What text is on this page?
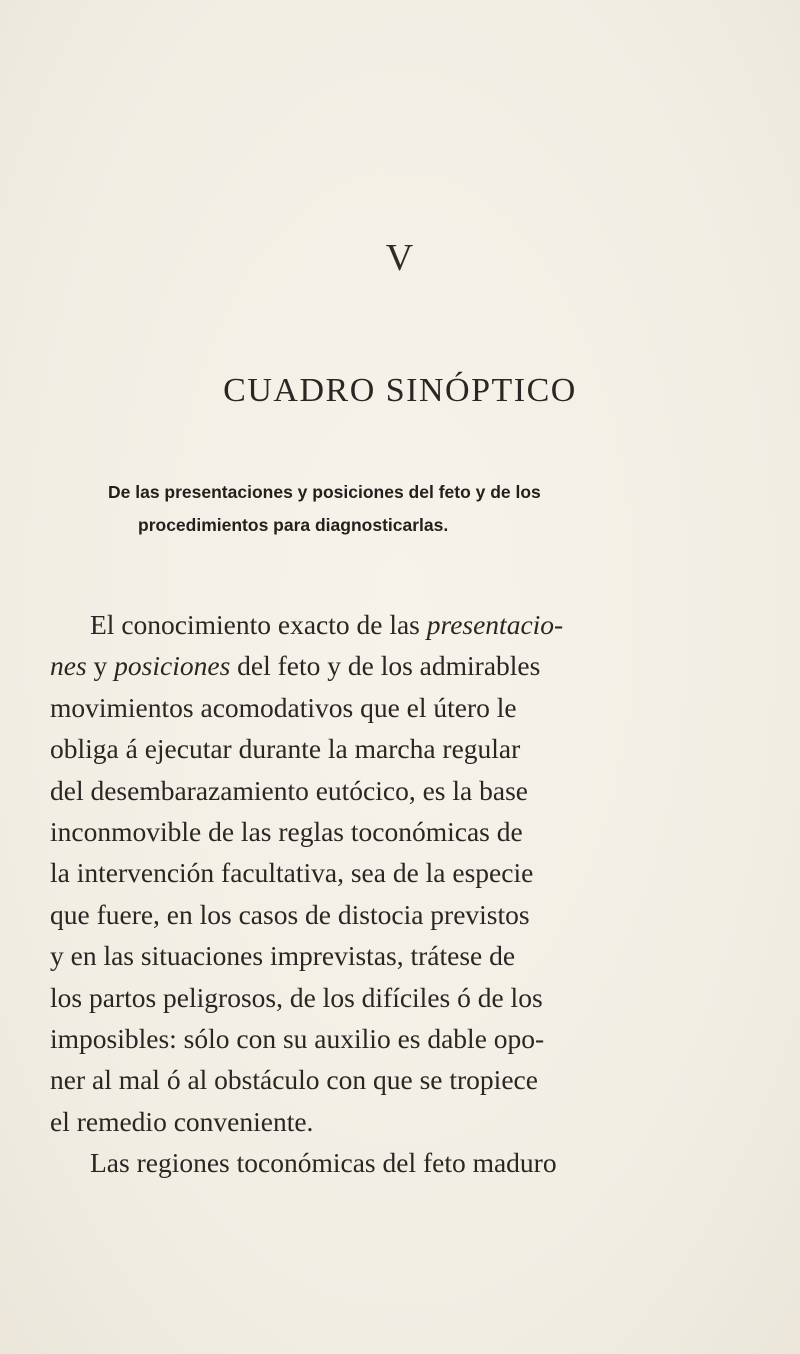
V
CUADRO SINÓPTICO
De las presentaciones y posiciones del feto y de los
procedimientos para diagnosticarlas.
El conocimiento exacto de las presentacio-
nes y posiciones del feto y de los admirables
movimientos acomodativos que el útero le
obliga á ejecutar durante la marcha regular
del desembarazamiento eutócico, es la base
inconmovible de las reglas toconómicas de
la intervención facultativa, sea de la especie
que fuere, en los casos de distocia previstos
y en las situaciones imprevistas, trátese de
los partos peligrosos, de los difíciles ó de los
imposibles: sólo con su auxilio es dable opo-
ner al mal ó al obstáculo con que se tropiece
el remedio conveniente.
Las regiones toconómicas del feto maduro
